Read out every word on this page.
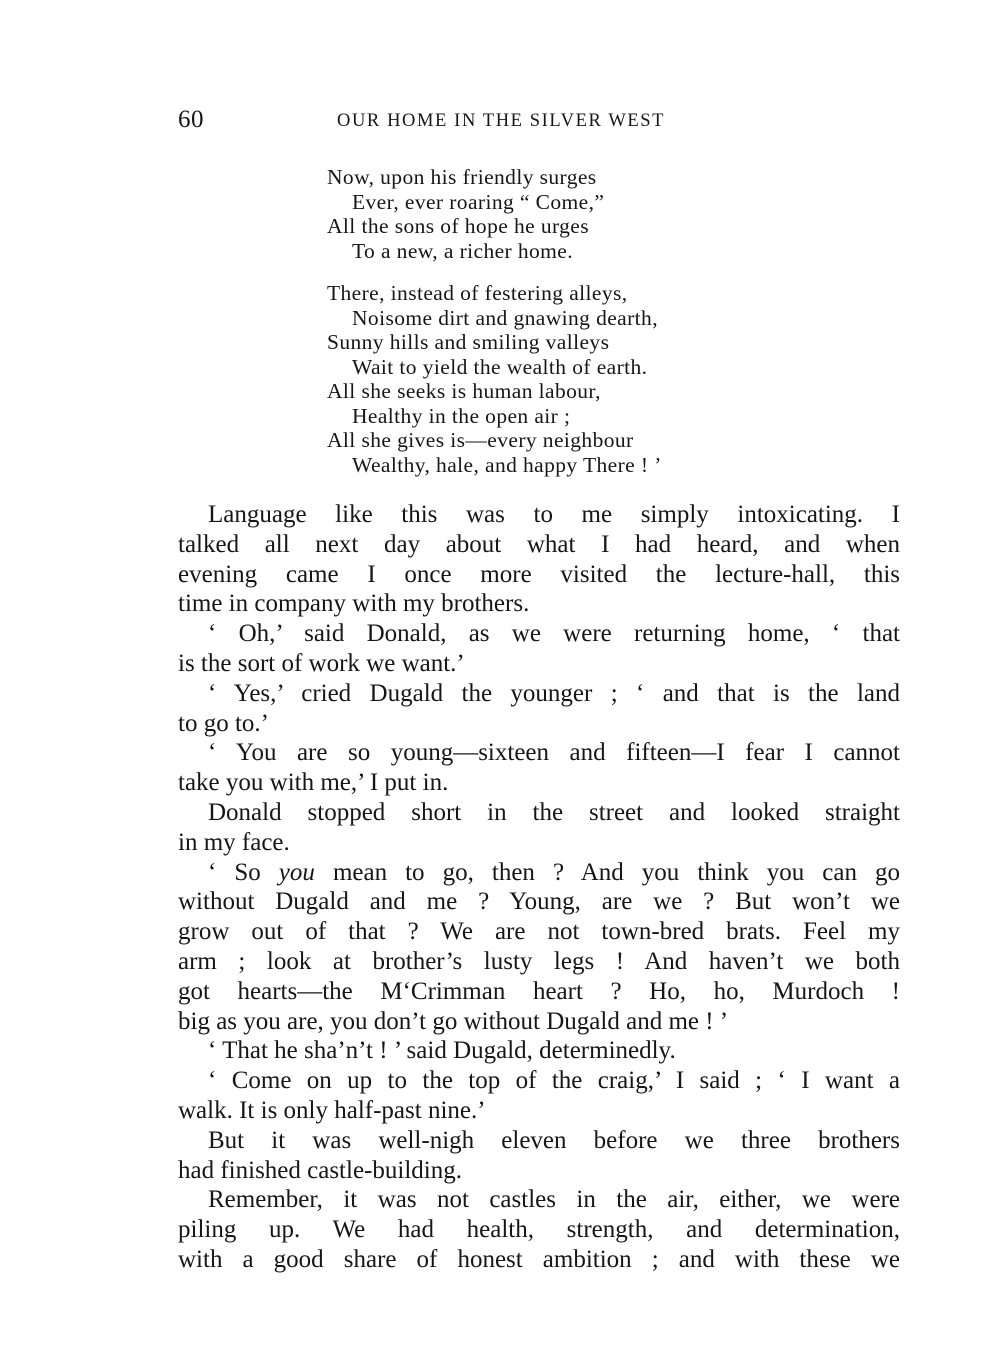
60	OUR HOME IN THE SILVER WEST
Now, upon his friendly surges
Ever, ever roaring “ Come,”
All the sons of hope he urges
To a new, a richer home.
There, instead of festering alleys,
Noisome dirt and gnawing dearth,
Sunny hills and smiling valleys
Wait to yield the wealth of earth.
All she seeks is human labour,
Healthy in the open air ;
All she gives is—every neighbour
Wealthy, hale, and happy There ! ’
Language like this was to me simply intoxicating. I
talked all next day about what I had heard, and when
evening came I once more visited the lecture-hall, this
time in company with my brothers.
‘ Oh,’ said Donald, as we were returning home, ‘ that
is the sort of work we want.’
‘ Yes,’ cried Dugald the younger ; ‘ and that is the land
to go to.’
‘ You are so young—sixteen and fifteen—I fear I cannot
take you with me,’ I put in.
Donald stopped short in the street and looked straight
in my face.
‘ So you mean to go, then ? And you think you can go
without Dugald and me ? Young, are we ? But won’t we
grow out of that ? We are not town-bred brats. Feel my
arm ; look at brother’s lusty legs ! And haven’t we both
got hearts—the M‘Crimman heart ? Ho, ho, Murdoch !
big as you are, you don’t go without Dugald and me ! ’
‘ That he sha’n’t ! ’ said Dugald, determinedly.
‘ Come on up to the top of the craig,’ I said ; ‘ I want a
walk. It is only half-past nine.’
But it was well-nigh eleven before we three brothers
had finished castle-building.
Remember, it was not castles in the air, either, we were
piling up. We had health, strength, and determination,
with a good share of honest ambition ; and with these we
